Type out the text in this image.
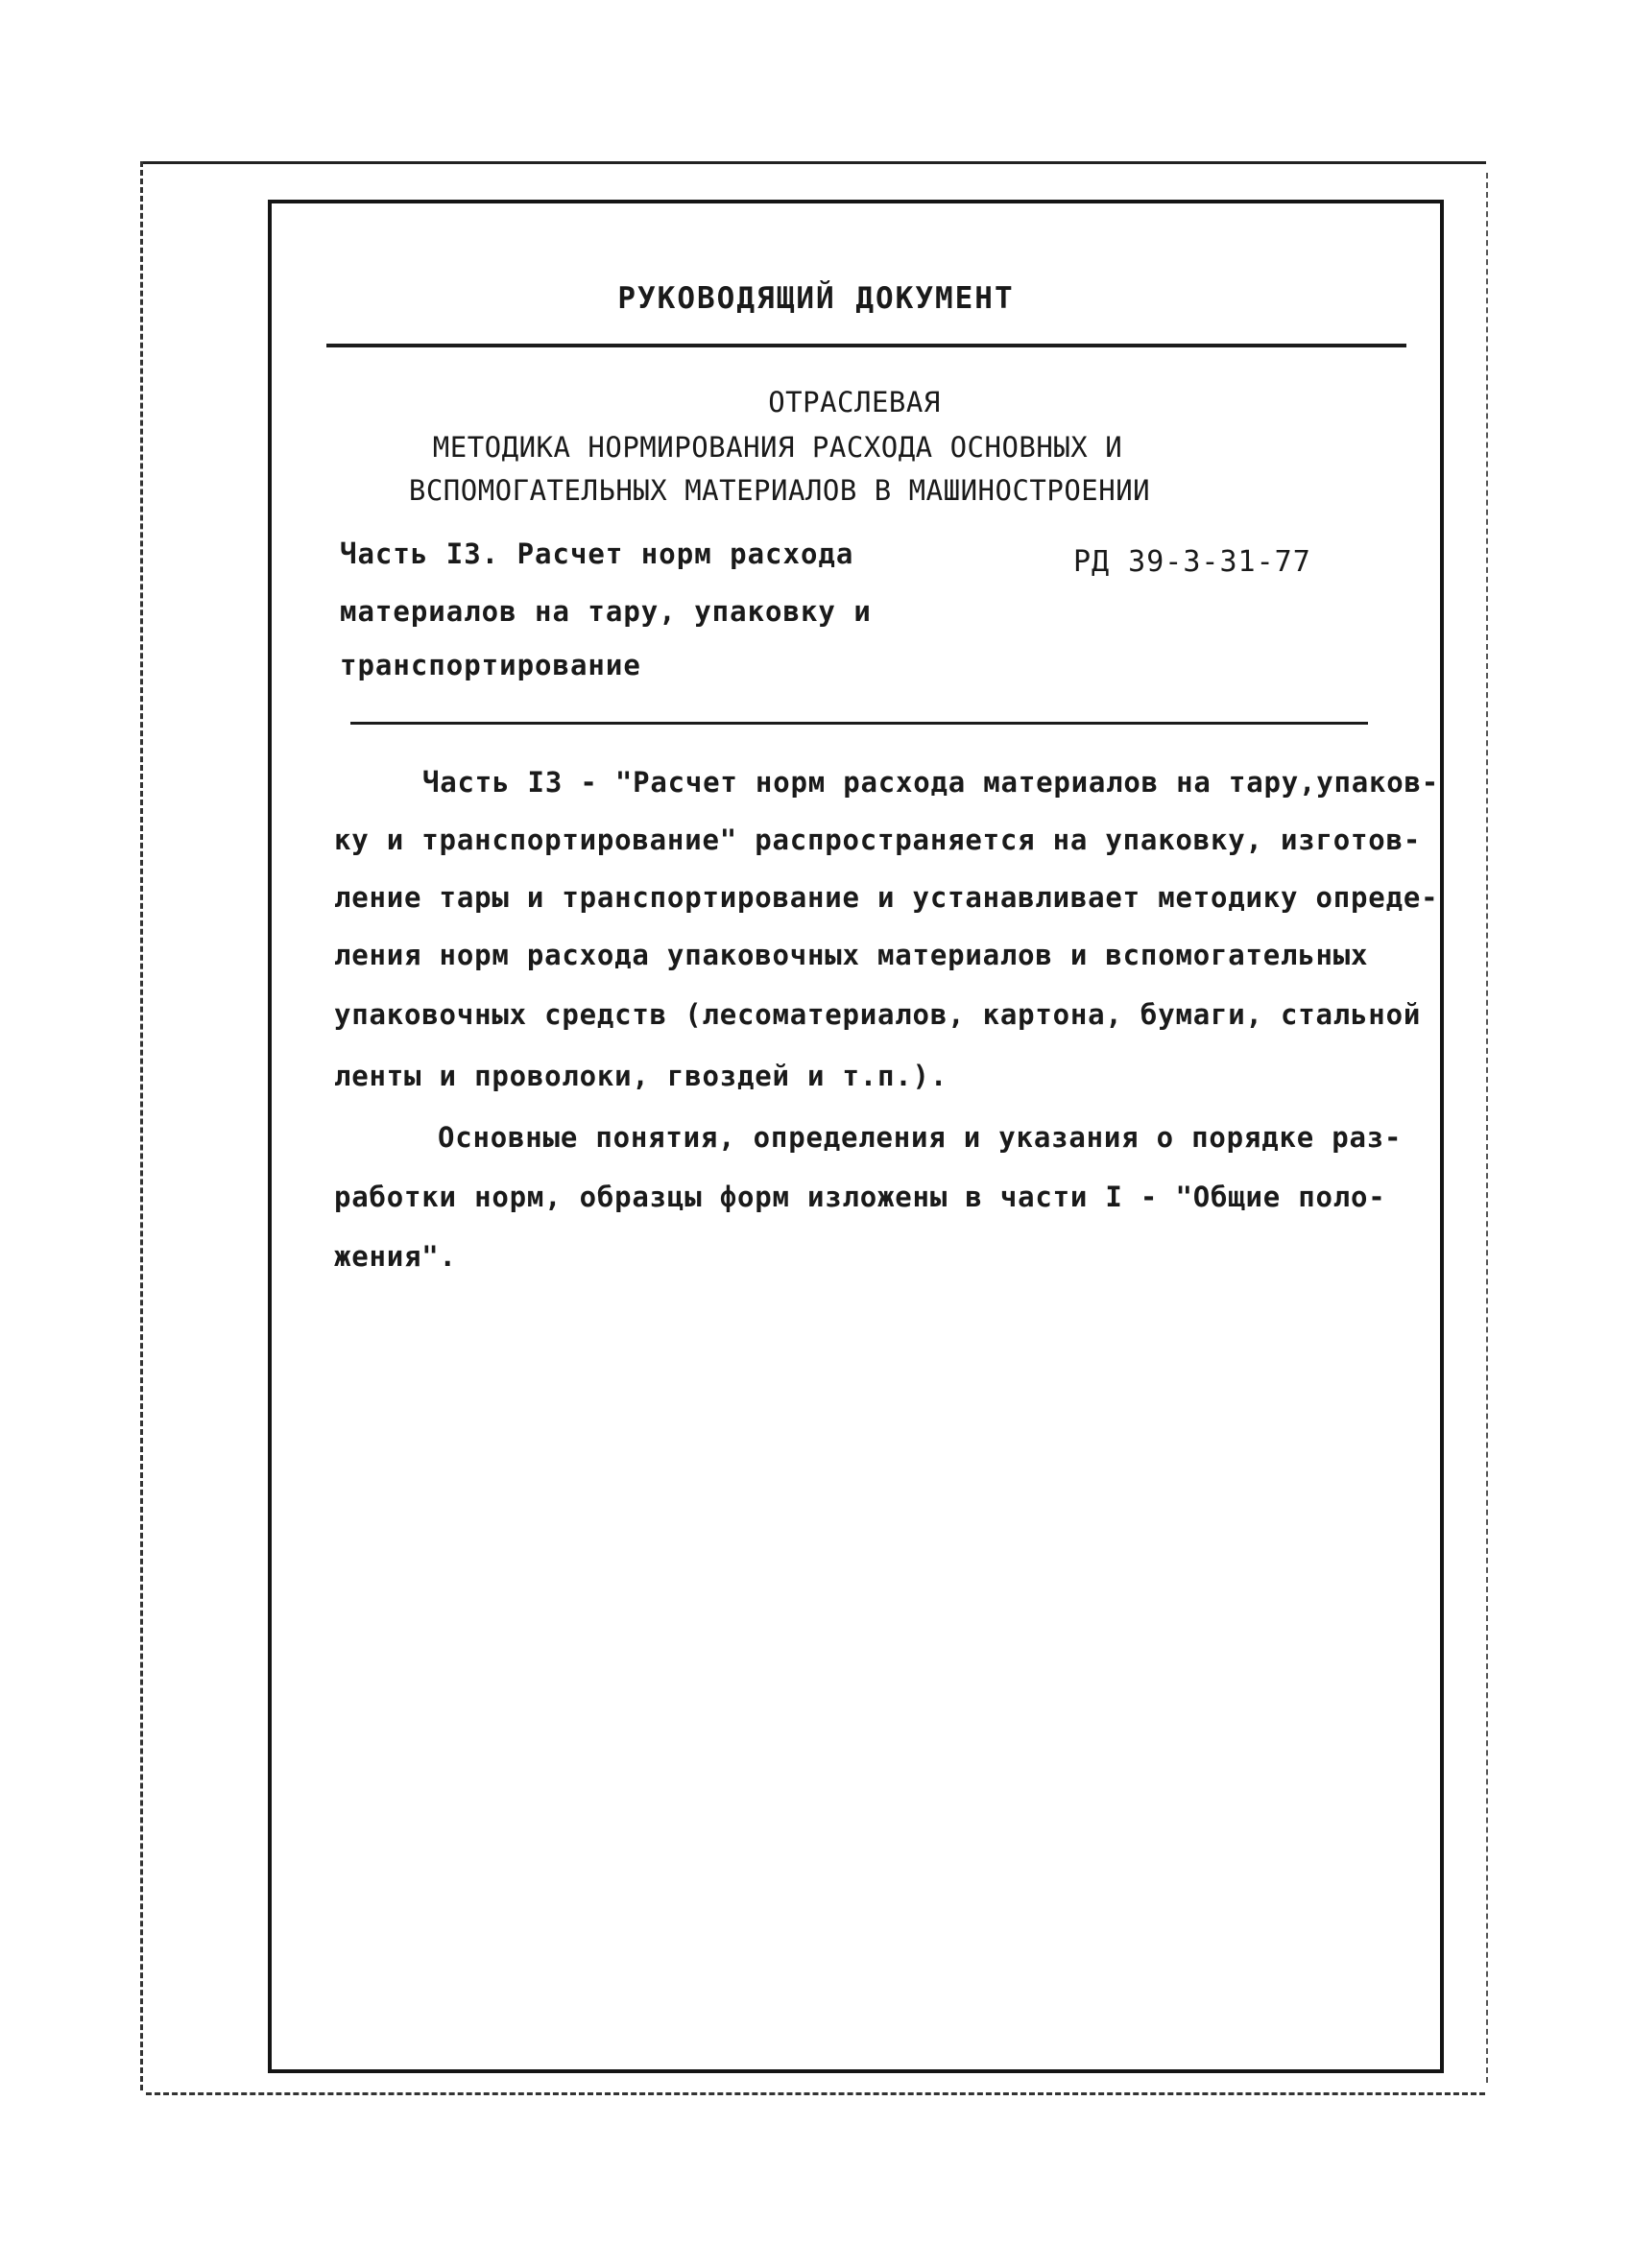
РУКОВОДЯЩИЙ ДОКУМЕНТ
ОТРАСЛЕВАЯ
МЕТОДИКА НОРМИРОВАНИЯ РАСХОДА ОСНОВНЫХ И
ВСПОМОГАТЕЛЬНЫХ МАТЕРИАЛОВ В МАШИНОСТРОЕНИИ
Часть I3. Расчет норм расхода
материалов на тару, упаковку и
транспортирование
РД 39-3-31-77
Часть I3 - "Расчет норм расхода материалов на тару,упаков-
ку и транспортирование" распространяется на упаковку, изготов-
ление тары и транспортирование и устанавливает методику опреде-
ления норм расхода упаковочных материалов и вспомогательных
упаковочных средств (лесоматериалов, картона, бумаги, стальной
ленты и проволоки, гвоздей и т.п.).
Основные понятия, определения и указания о порядке раз-
работки норм, образцы форм изложены в части I - "Общие поло-
жения".
